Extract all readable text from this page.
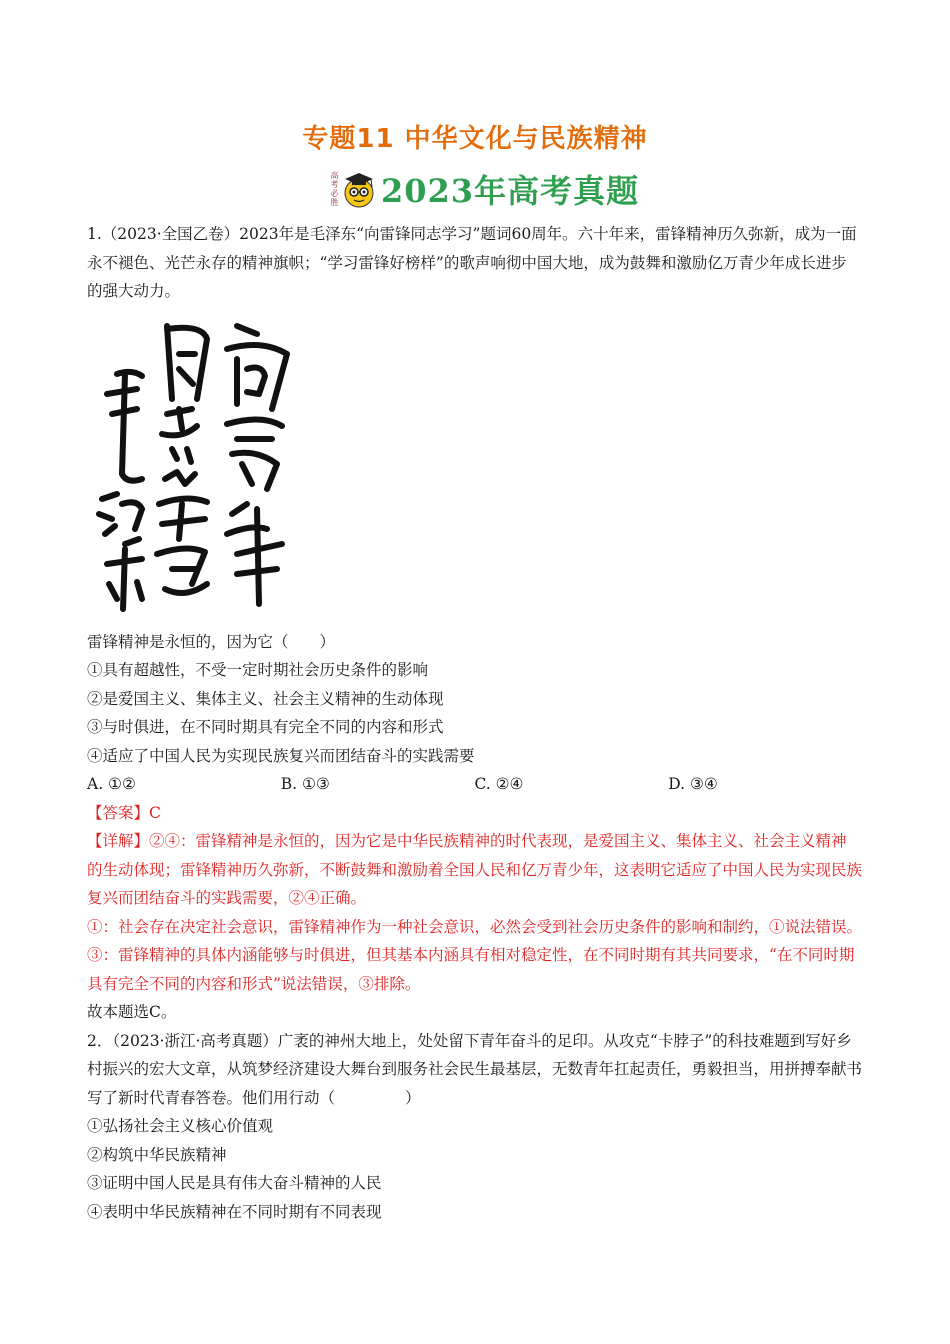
专题11 中华文化与民族精神
高考必胜 2023年高考真题

1.（2023·全国乙卷）2023年是毛泽东“向雷锋同志学习”题词60周年。六十年来，雷锋精神历久弥新，成为一面永不褪色、光芒永存的精神旗帜；“学习雷锋好榜样”的歌声响彻中国大地，成为鼓舞和激励亿万青少年成长进步的强大动力。

向雷锋同志学习 毛泽东

雷锋精神是永恒的，因为它（　　）

①具有超越性，不受一定时期社会历史条件的影响

②是爱国主义、集体主义、社会主义精神的生动体现

③与时俱进，在不同时期具有完全不同的内容和形式

④适应了中国人民为实现民族复兴而团结奋斗的实践需要

A. ①②	B. ①③	C. ②④	D. ③④

【答案】C

【详解】②④：雷锋精神是永恒的，因为它是中华民族精神的时代表现，是爱国主义、集体主义、社会主义精神的生动体现；雷锋精神历久弥新，不断鼓舞和激励着全国人民和亿万青少年，这表明它适应了中国人民为实现民族复兴而团结奋斗的实践需要，②④正确。

①：社会存在决定社会意识，雷锋精神作为一种社会意识，必然会受到社会历史条件的影响和制约，①说法错误。

③：雷锋精神的具体内涵能够与时俱进，但其基本内涵具有相对稳定性，在不同时期有其共同要求，“在不同时期具有完全不同的内容和形式”说法错误，③排除。

故本题选C。

2．（2023·浙江·高考真题）广袤的神州大地上，处处留下青年奋斗的足印。从攻克“卡脖子”的科技难题到写好乡村振兴的宏大文章，从筑梦经济建设大舞台到服务社会民生最基层，无数青年扛起责任，勇毅担当，用拼搏奉献书写了新时代青春答卷。他们用行动（	）

①弘扬社会主义核心价值观

②构筑中华民族精神

③证明中国人民是具有伟大奋斗精神的人民

④表明中华民族精神在不同时期有不同表现
